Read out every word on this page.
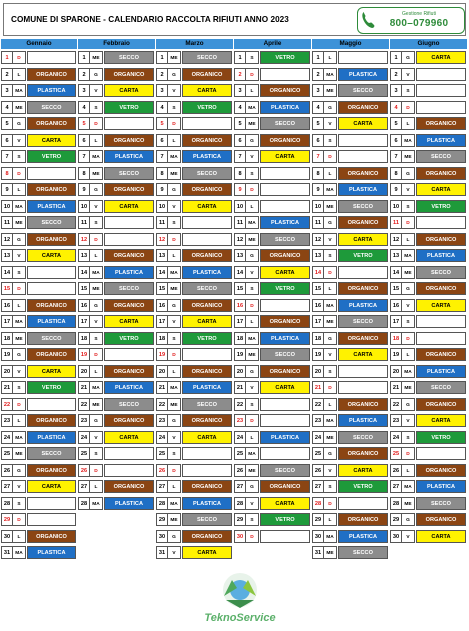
COMUNE DI SPARONE - CALENDARIO RACCOLTA RIFIUTI ANNO 2023
Gestione Rifiuti
800–079960
Gennaio
1	D
2	L	ORGANICO
3	MA	PLASTICA
4	ME	SECCO
5	G	ORGANICO
6	V	CARTA
7	S	VETRO
8	D
9	L	ORGANICO
10	MA	PLASTICA
11	ME	SECCO
12	G	ORGANICO
13	V	CARTA
14	S
15	D
16	L	ORGANICO
17	MA	PLASTICA
18	ME	SECCO
19	G	ORGANICO
20	V	CARTA
21	S	VETRO
22	D
23	L	ORGANICO
24	MA	PLASTICA
25	ME	SECCO
26	G	ORGANICO
27	V	CARTA
28	S
29	D
30	L	ORGANICO
31	MA	PLASTICA
Febbraio
1	ME	SECCO
2	G	ORGANICO
3	V	CARTA
4	S	VETRO
5	D
6	L	ORGANICO
7	MA	PLASTICA
8	ME	SECCO
9	G	ORGANICO
10	V	CARTA
11	S
12	D
13	L	ORGANICO
14	MA	PLASTICA
15	ME	SECCO
16	G	ORGANICO
17	V	CARTA
18	S	VETRO
19	D
20	L	ORGANICO
21	MA	PLASTICA
22	ME	SECCO
23	G	ORGANICO
24	V	CARTA
25	S
26	D
27	L	ORGANICO
28	MA	PLASTICA
Marzo
1	ME	SECCO
2	G	ORGANICO
3	V	CARTA
4	S	VETRO
5	D
6	L	ORGANICO
7	MA	PLASTICA
8	ME	SECCO
9	G	ORGANICO
10	V	CARTA
11	S
12	D
13	L	ORGANICO
14	MA	PLASTICA
15	ME	SECCO
16	G	ORGANICO
17	V	CARTA
18	S	VETRO
19	D
20	L	ORGANICO
21	MA	PLASTICA
22	ME	SECCO
23	G	ORGANICO
24	V	CARTA
25	S
26	D
27	L	ORGANICO
28	MA	PLASTICA
29	ME	SECCO
30	G	ORGANICO
31	V	CARTA
Aprile
1	S	VETRO
2	D
3	L	ORGANICO
4	MA	PLASTICA
5	ME	SECCO
6	G	ORGANICO
7	V	CARTA
8	S
9	D
10	L
11	MA	PLASTICA
12	ME	SECCO
13	G	ORGANICO
14	V	CARTA
15	S	VETRO
16	D
17	L	ORGANICO
18	MA	PLASTICA
19	ME	SECCO
20	G	ORGANICO
21	V	CARTA
22	S
23	D
24	L	PLASTICA
25	MA
26	ME	SECCO
27	G	ORGANICO
28	V	CARTA
29	S	VETRO
30	D
Maggio
1	L
2	MA	PLASTICA
3	ME	SECCO
4	G	ORGANICO
5	V	CARTA
6	S
7	D
8	L	ORGANICO
9	MA	PLASTICA
10	ME	SECCO
11	G	ORGANICO
12	V	CARTA
13	S	VETRO
14	D
15	L	ORGANICO
16	MA	PLASTICA
17	ME	SECCO
18	G	ORGANICO
19	V	CARTA
20	S
21	D
22	L	ORGANICO
23	MA	PLASTICA
24	ME	SECCO
25	G	ORGANICO
26	V	CARTA
27	S	VETRO
28	D
29	L	ORGANICO
30	MA	PLASTICA
31	ME	SECCO
Giugno
1	G	CARTA
2	V
3	S
4	D
5	L	ORGANICO
6	MA	PLASTICA
7	ME	SECCO
8	G	ORGANICO
9	V	CARTA
10	S	VETRO
11	D
12	L	ORGANICO
13	MA	PLASTICA
14	ME	SECCO
15	G	ORGANICO
16	V	CARTA
17	S
18	D
19	L	ORGANICO
20	MA	PLASTICA
21	ME	SECCO
22	G	ORGANICO
23	V	CARTA
24	S	VETRO
25	D
26	L	ORGANICO
27	MA	PLASTICA
28	ME	SECCO
29	G	ORGANICO
30	V	CARTA
TeknoService
